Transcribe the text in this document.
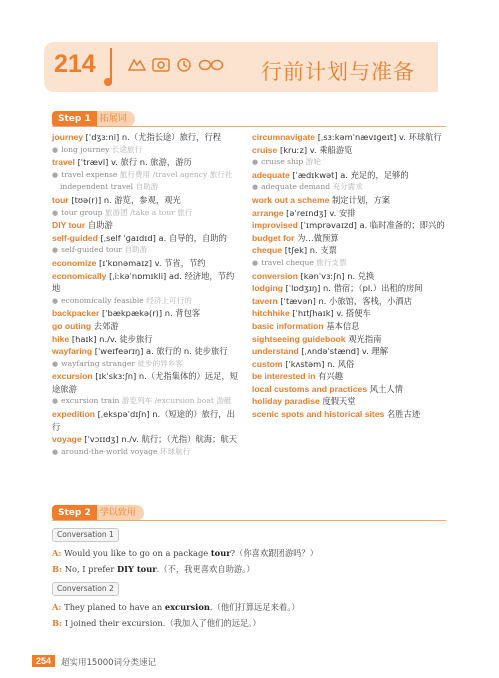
214	行前计划与准备
Step 1	拓展词
journey [ˈdʒɜːni] n.（尤指长途）旅行，行程
● long journey 长途旅行
travel [ˈtrævl] v. 旅行 n. 旅游，游历
● travel expense 旅行费用 /travel agency 旅行社
independent travel 自助游
tour [tʊə(r)] n. 游览，参观，观光
● tour group 旅游团 /take a tour 旅行
DIY tour 自助游
self-guided [ˌself ˈɡaɪdɪd] a. 自导的，自助的
● self-guided tour 自助游
economize [ɪˈkɒnəmaɪz] v. 节省，节约
economically [ˌiːkəˈnɒmɪkli] ad. 经济地，节约地
● economically feasible 经济上可行的
backpacker [ˈbækpækə(r)] n. 背包客
go outing 去郊游
hike [haɪk] n./v. 徒步旅行
wayfaring [ˈweɪfeərɪŋ] a. 旅行的 n. 徒步旅行
● wayfaring stranger 徒步的异乡客
excursion [ɪkˈskɜːʃn] n.（尤指集体的）远足，短途旅游
● excursion train 游览列车 /excursion boat 游艇
expedition [ˌekspəˈdɪʃn] n.（短途的）旅行，出行
voyage [ˈvɔɪɪdʒ] n./v. 航行；（尤指）航海；航天
● around-the-world voyage 环球航行
circumnavigate [ˌsɜːkəmˈnævɪɡeɪt] v. 环球航行
cruise [kruːz] v. 乘船游览
● cruise ship 游轮
adequate [ˈædɪkwət] a. 充足的，足够的
● adequate demand 充分需求
work out a scheme 制定计划，方案
arrange [əˈreɪndʒ] v. 安排
improvised [ˈɪmprəvaɪzd] a. 临时准备的；即兴的
budget for 为…做预算
cheque [tʃek] n. 支票
● travel cheque 旅行支票
conversion [kənˈvɜːʃn] n. 兑换
lodging [ˈlɒdʒɪŋ] n. 借宿；（pl.）出租的房间
tavern [ˈtævən] n. 小旅馆，客栈，小酒店
hitchhike [ˈhɪtʃhaɪk] v. 搭便车
basic information 基本信息
sightseeing guidebook 观光指南
understand [ˌʌndəˈstænd] v. 理解
custom [ˈkʌstəm] n. 风俗
be interested in 有兴趣
local customs and practices 风土人情
holiday paradise 度假天堂
scenic spots and historical sites 名胜古迹
Step 2	学以致用
Conversation 1
A: Would you like to go on a package tour?（你喜欢跟团游吗？）
B: No, I prefer DIY tour.（不，我更喜欢自助游。）
Conversation 2
A: They planed to have an excursion.（他们打算远足来着。）
B: I joined their excursion.（我加入了他们的远足。）
254	超实用15000词分类速记
